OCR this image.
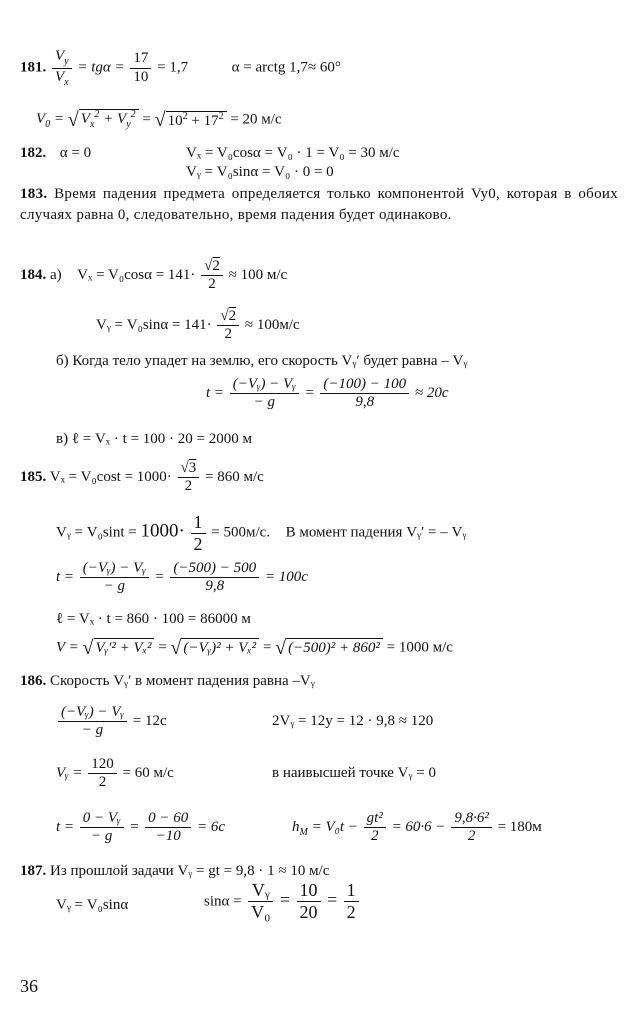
181. $\frac{V_y}{V_x} = tg\alpha = \frac{17}{10} = 1,7$	α = arctg 1,7≈ 60°
$V_0$ = √ $V_x^2 + V_y^2$ = √ $10^2 + 17^2 = 20$ м/с
182. α = 0	Vₓ = V₀cosα = V₀ · 1 = V₀ = 30 м/с
Vᵧ = V₀sinα = V₀ · 0 = 0
183. Время падения предмета определяется только компонентой Vy0, которая в обоих случаях равна 0, следовательно, время падения будет одинаково.
184. а) $V_x = V_0\cos\alpha = 141\cdot \frac{√2}{2} \approx 100$ м/с
Vᵧ = $V_0\sin\alpha = 141\cdot \frac{√2}{2} \approx 100м/с$
б) Когда тело упадет на землю, его скорость Vᵧ′ будет равна – Vᵧ
$t = \frac{\text{(−Vᵧ) − Vᵧ}}{- g} = \frac{(-100) - 100}{9,8} \approx 20c$
в) ℓ = Vₓ · t = 100 · 20 = 2000 м
185. $V_x = V_0\cos t = 1000\cdot \frac{√3}{2} = 860$ м/с
Vᵧ = $V_0\sin t = 1000\cdot \frac{1}{2} = 500м/с$. В момент падения Vᵧ′ = – Vᵧ
$t = \frac{\text{(−Vᵧ) − Vᵧ}}{- g} = \frac{(-500) - 500}{9,8} = 100c$
ℓ = Vₓ · t = 860 · 100 = 86000 м
V = √ Vᵧ′² + Vₓ² = √ (−Vᵧ)² + Vₓ² = √ (−500)² + 860² = 1000 м/с
186. Скорость Vᵧ′ в момент падения равна –Vᵧ
$\frac{\text{(−Vᵧ) − Vᵧ}}{- g} = 12с$	2Vᵧ = 12y = 12 · 9,8 ≈ 120
Vᵧ = $\frac{120}{2} = 60$ м/с	в наивысшей точке Vᵧ = 0
$t = \frac{\text{0 − Vᵧ}}{- g} = \frac{0 - 60}{-10} = 6c$	$h_M = V_0t - \frac{\text{gt²}}{2} = 60\cdot 6 - \frac{\text{9,8·6²}}{2} = 180м$
187. Из прошлой задачи Vᵧ = gt = 9,8 · 1 ≈ 10 м/с
Vᵧ = V₀sinα	$\sin\alpha = \frac{\text{Vᵧ}}{\text{V₀}} = \frac{10}{20} = \frac{1}{2}$
36
